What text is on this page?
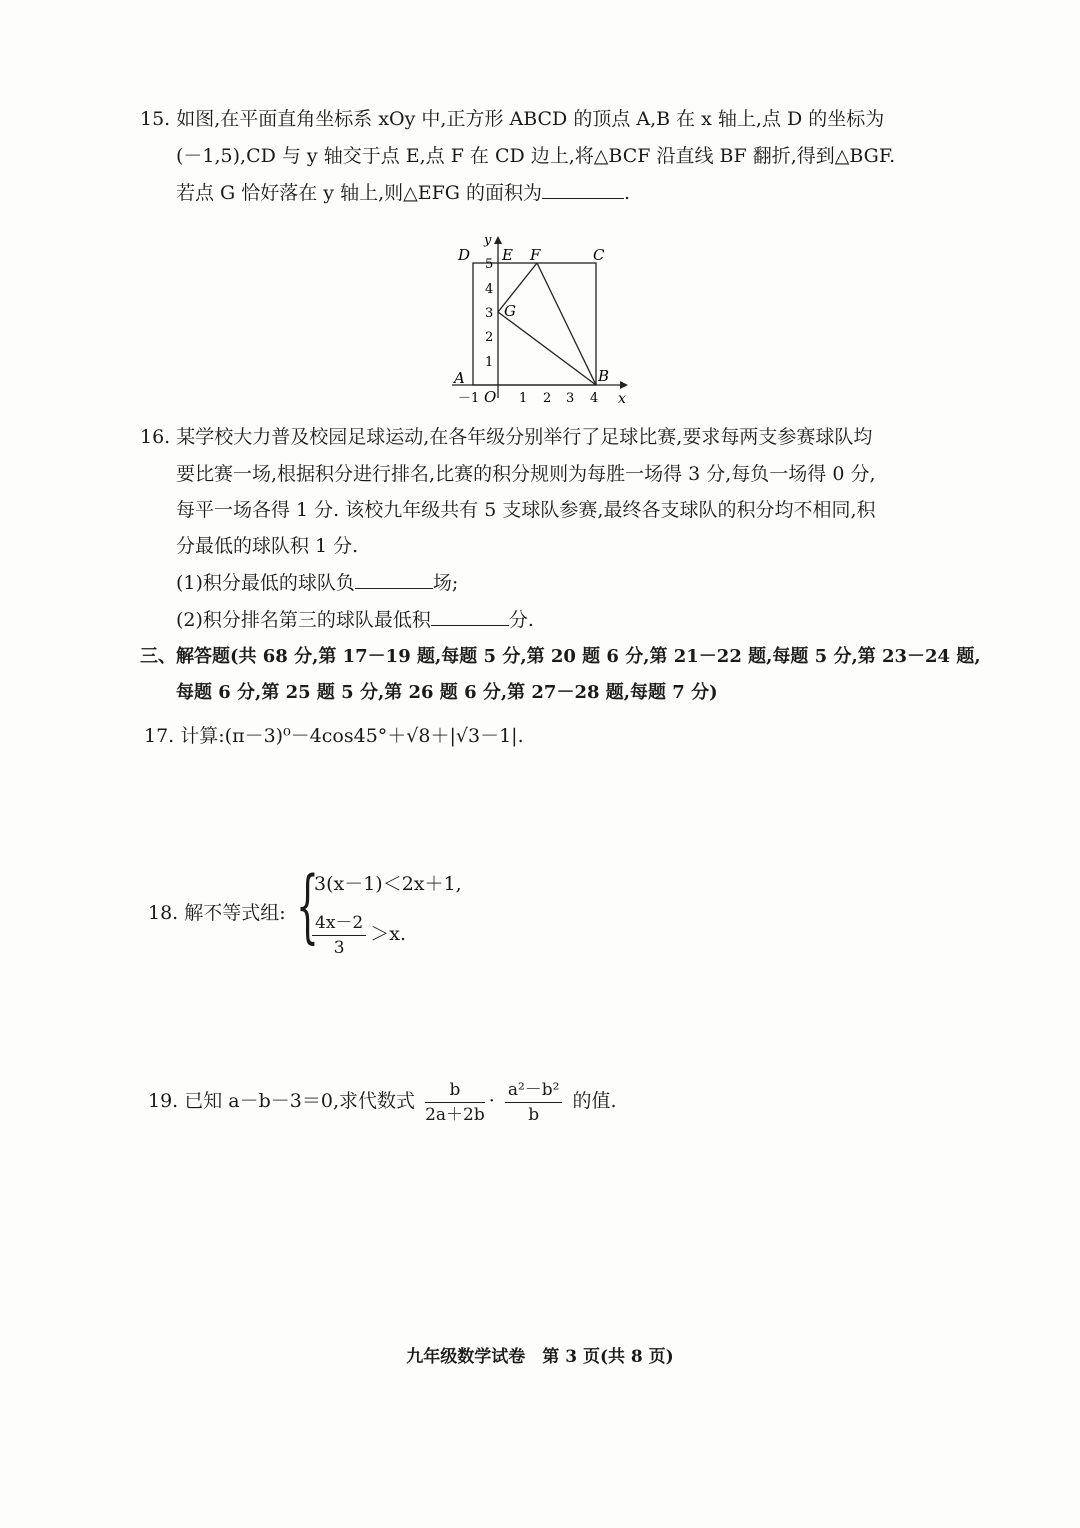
15. 如图,在平面直角坐标系 xOy 中,正方形 ABCD 的顶点 A,B 在 x 轴上,点 D 的坐标为
(－1,5),CD 与 y 轴交于点 E,点 F 在 CD 边上,将△BCF 沿直线 BF 翻折,得到△BGF.
若点 G 恰好落在 y 轴上,则△EFG 的面积为	.
D E F	C
G
A	B
O	x
y
5
4
3
2
1
－1	1 2 3 4
16. 某学校大力普及校园足球运动,在各年级分别举行了足球比赛,要求每两支参赛球队均
要比赛一场,根据积分进行排名,比赛的积分规则为每胜一场得 3 分,每负一场得 0 分,
每平一场各得 1 分. 该校九年级共有 5 支球队参赛,最终各支球队的积分均不相同,积
分最低的球队积 1 分.
(1)积分最低的球队负	场;
(2)积分排名第三的球队最低积	分.
三、解答题(共 68 分,第 17－19 题,每题 5 分,第 20 题 6 分,第 21－22 题,每题 5 分,第 23－24 题,
每题 6 分,第 25 题 5 分,第 26 题 6 分,第 27－28 题,每题 7 分)
17. 计算:(π－3)⁰－4cos45°＋√8＋|√3－1|.
18. 解不等式组: {
3(x－1)＜2x＋1,
$\frac{4x-2}{3} >x$.
19. 已知 a－b－3＝0,求代数式 $\frac{b}{2a+2b} \cdot \frac{\text{a²－b²}}{b}$ 的值.
九年级数学试卷　第 3 页(共 8 页)
